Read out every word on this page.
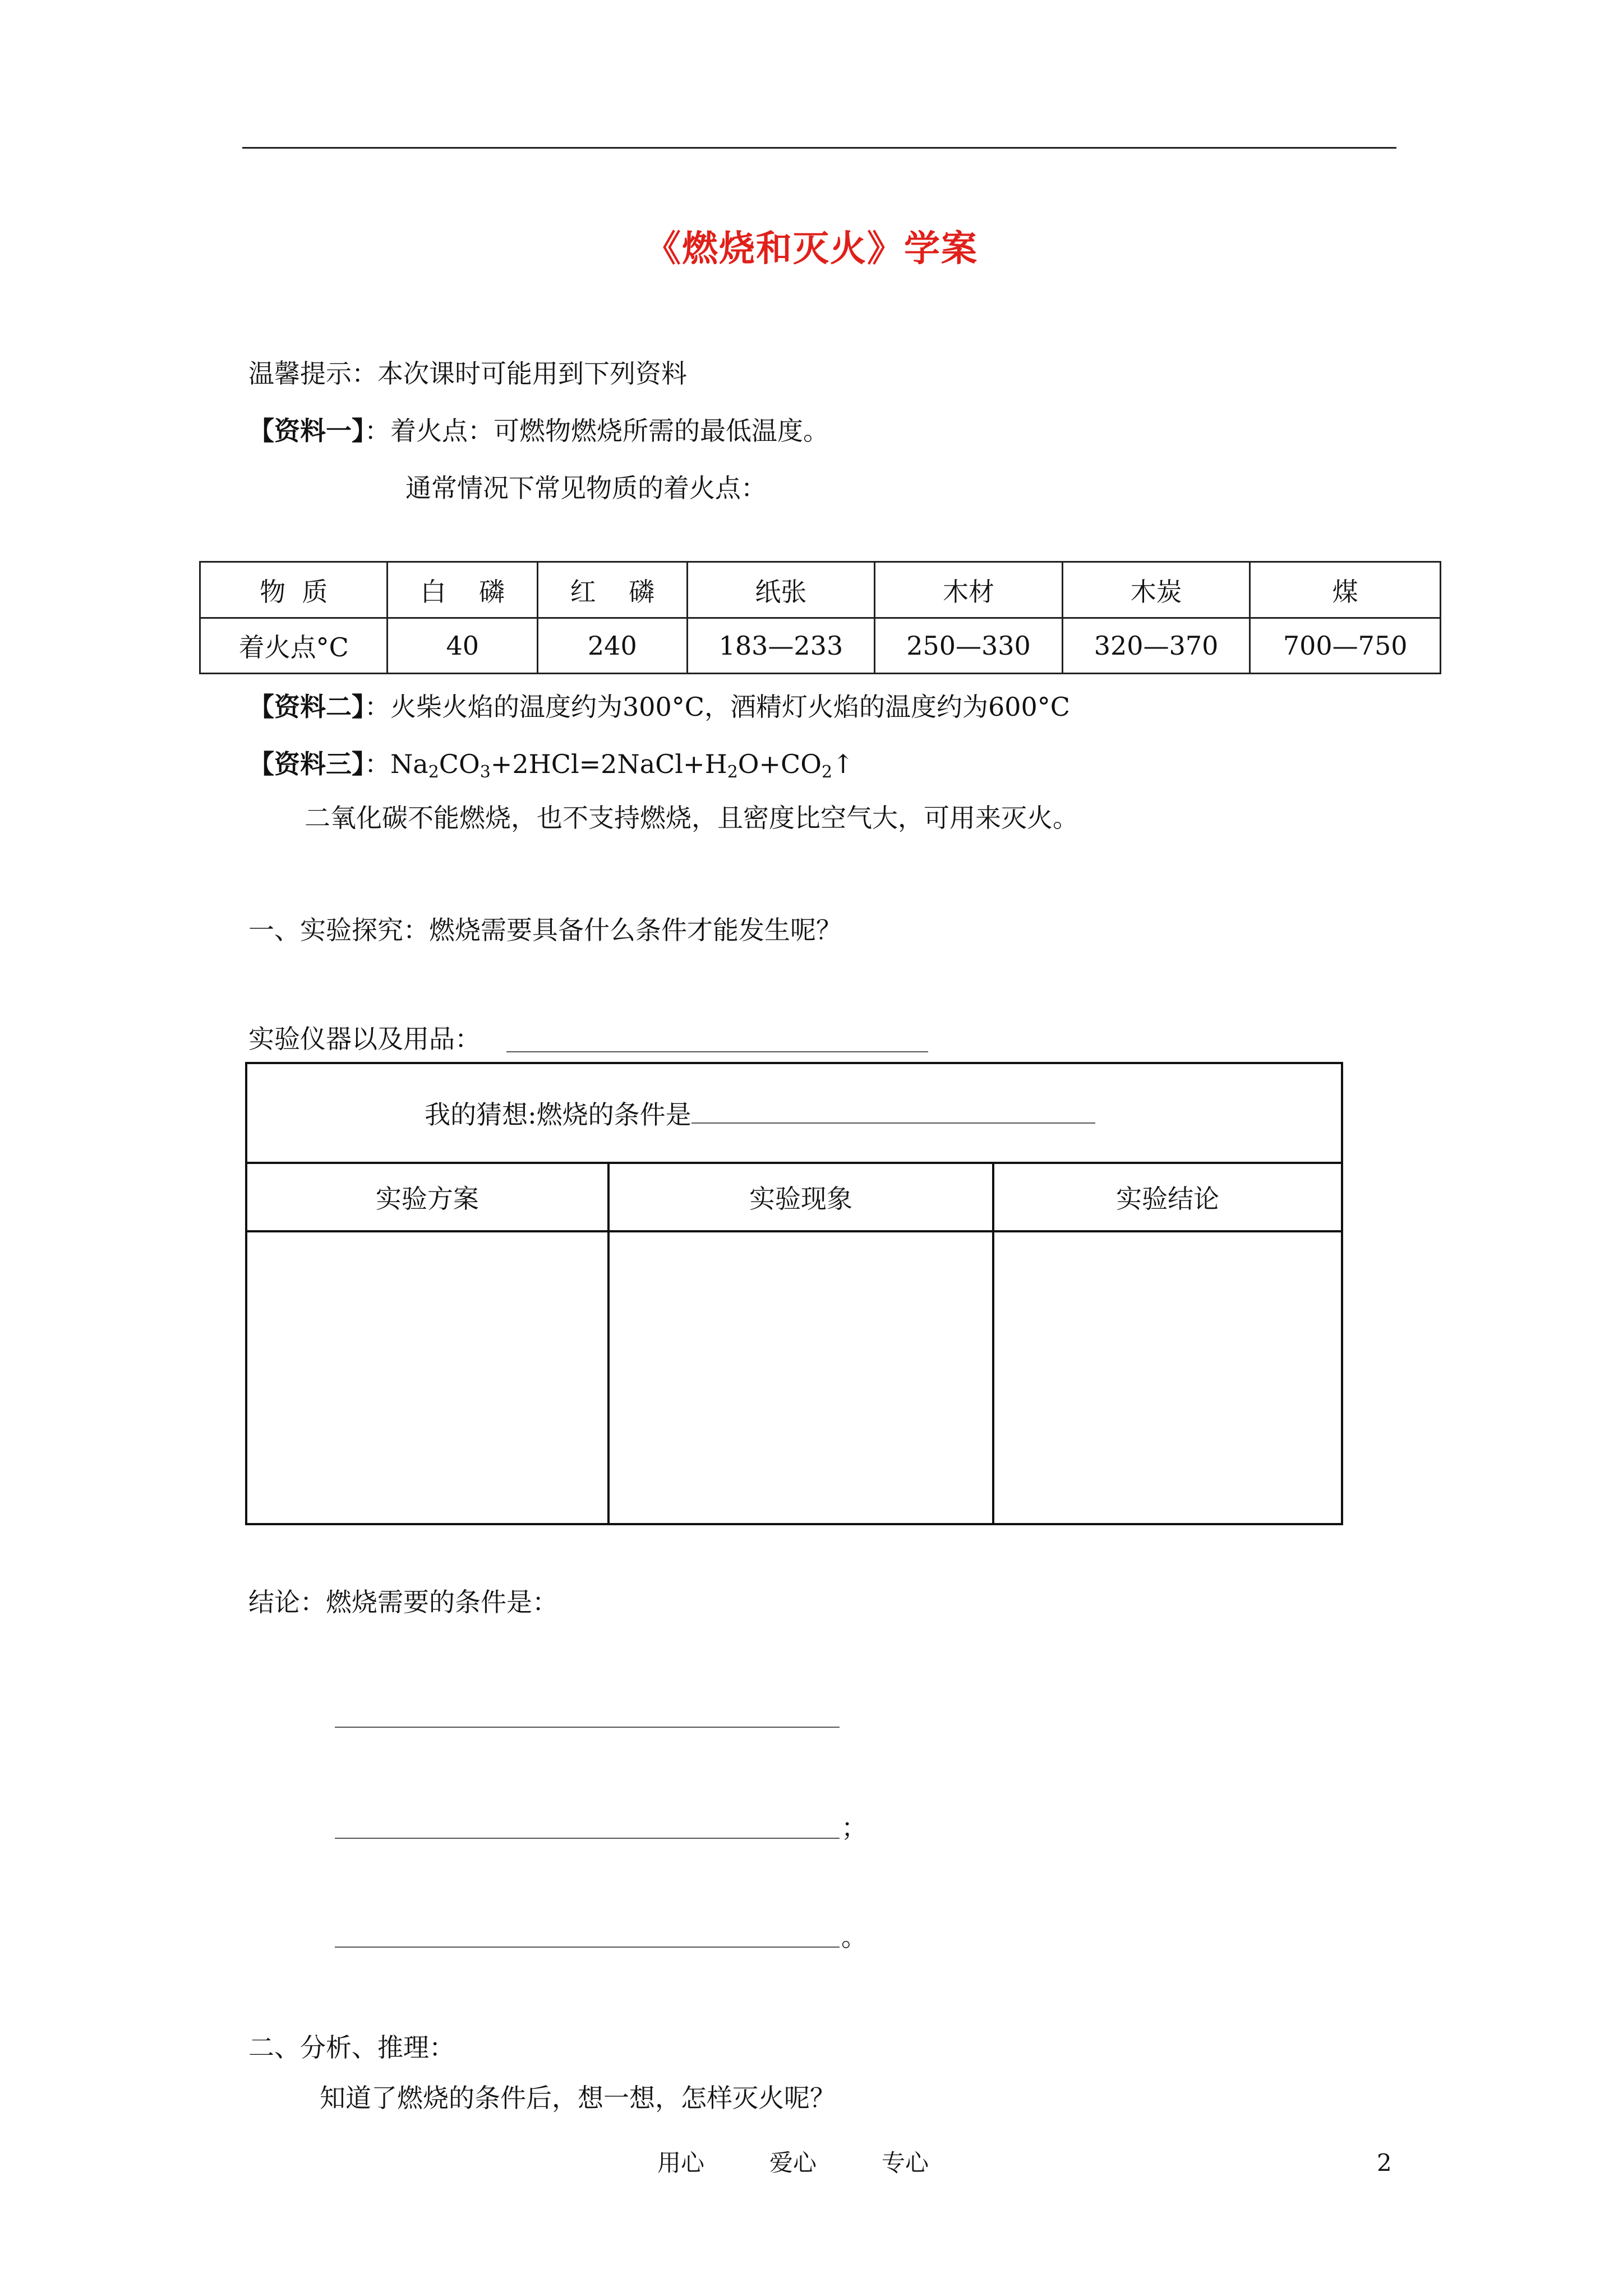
《燃烧和灭火》学案
温馨提示：本次课时可能用到下列资料
【资料一】：着火点：可燃物燃烧所需的最低温度。
通常情况下常见物质的着火点：
物  质	白    磷	红    磷	纸张	木材	木炭	煤
着火点°C	40	240	183—233	250—330	320—370	700—750
【资料二】：火柴火焰的温度约为300°C，酒精灯火焰的温度约为600°C
【资料三】：$Na_2CO_3+2HCl=2NaCl+H_2O+CO_2↑$
二氧化碳不能燃烧，也不支持燃烧，且密度比空气大，可用来灭火。
一、实验探究：燃烧需要具备什么条件才能发生呢？
实验仪器以及用品：

我的猜想:燃烧的条件是		

实验方案	实验现象	实验结论

结论：燃烧需要的条件是：
；
。
二、分析、推理：
知道了燃烧的条件后，想一想，怎样灭火呢？
用心	爱心	专心	2
